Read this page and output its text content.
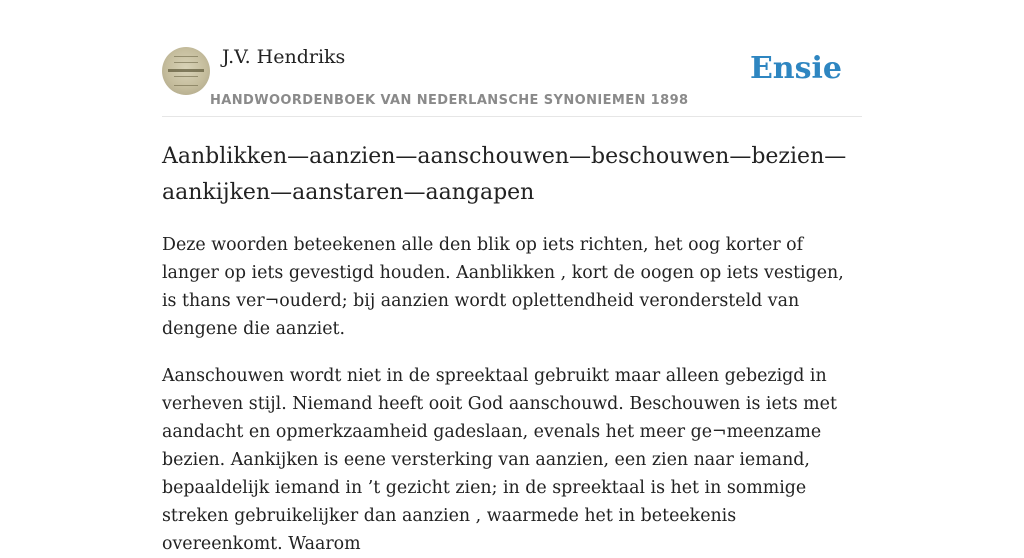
J.V. Hendriks
HANDWOORDENBOEK VAN NEDERLANSCHE SYNONIEMEN 1898
Ensie
Aanblikken—aanzien—aanschouwen—beschouwen—bezien—aankijken—aanstaren—aangapen

Deze woorden beteekenen alle den blik op iets richten, het oog korter of langer op iets gevestigd houden. Aanblikken , kort de oogen op iets vestigen, is thans ver¬ouderd; bij aanzien wordt oplettendheid verondersteld van dengene die aanziet.

Aanschouwen wordt niet in de spreektaal gebruikt maar alleen gebezigd in verheven stijl. Niemand heeft ooit God aanschouwd. Beschouwen is iets met aandacht en opmerkzaamheid gadeslaan, evenals het meer ge¬meenzame bezien. Aankijken is eene versterking van aanzien, een zien naar iemand, bepaaldelijk iemand in ’t gezicht zien; in de spreektaal is het in sommige streken gebruikelijker dan aanzien , waarmede het in beteekenis overeenkomt. Waarom
